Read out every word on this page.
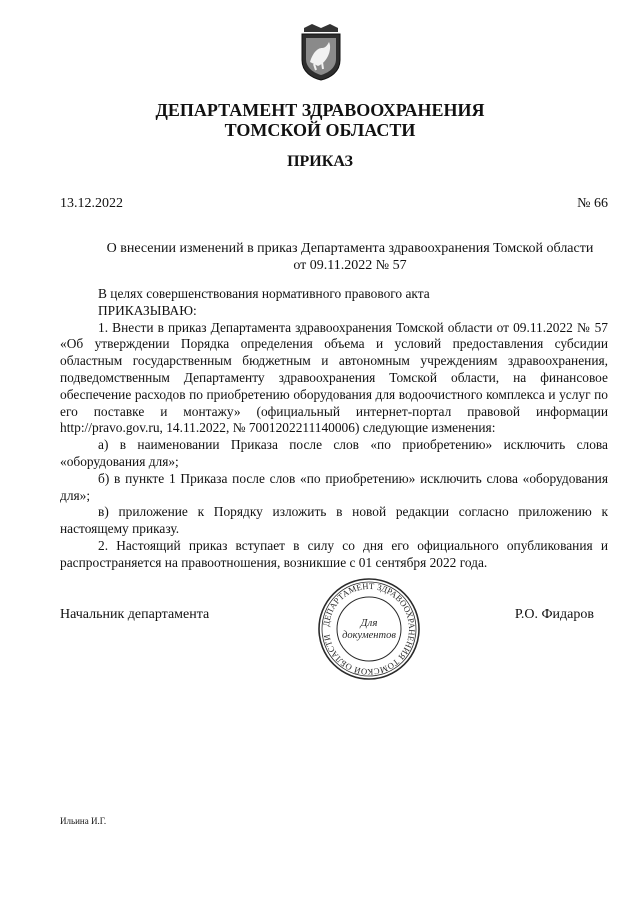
ДЕПАРТАМЕНТ ЗДРАВООХРАНЕНИЯ
ТОМСКОЙ ОБЛАСТИ
ПРИКАЗ
13.12.2022	№ 66
О внесении изменений в приказ Департамента здравоохранения Томской области
от 09.11.2022 № 57

В целях совершенствования нормативного правового акта

ПРИКАЗЫВАЮ:

1. Внести в приказ Департамента здравоохранения Томской области от 09.11.2022 № 57 «Об утверждении Порядка определения объема и условий предоставления субсидии областным государственным бюджетным и автономным учреждениям здравоохранения, подведомственным Департаменту здравоохранения Томской области, на финансовое обеспечение расходов по приобретению оборудования для водоочистного комплекса и услуг по его поставке и монтажу» (официальный интернет-портал правовой информации http://pravo.gov.ru, 14.11.2022, № 7001202211140006) следующие изменения:

а) в наименовании Приказа после слов «по приобретению» исключить слова «оборудования для»;

б) в пункте 1 Приказа после слов «по приобретению» исключить слова «оборудования для»;

в) приложение к Порядку изложить в новой редакции согласно приложению к настоящему приказу.

2. Настоящий приказ вступает в силу со дня его официального опубликования и распространяется на правоотношения, возникшие с 01 сентября 2022 года.

Начальник департамента	Р.О. Фидаров
ДЕПАРТАМЕНТ ЗДРАВООХРАНЕНИЯ ТОМСКОЙ ОБЛАСТИ
Для
документов
Ильина И.Г.
